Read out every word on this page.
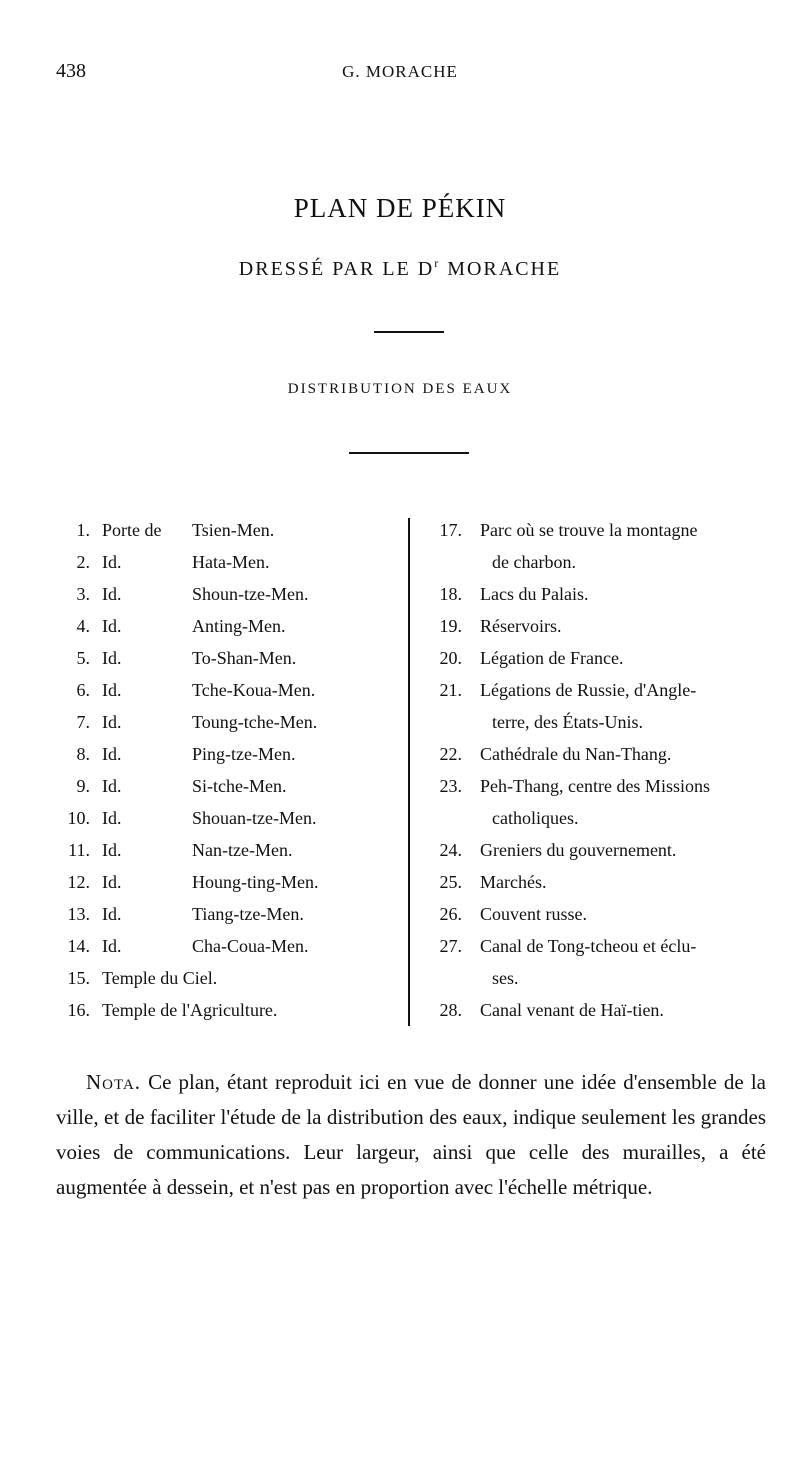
438	G. MORACHE
PLAN DE PÉKIN
DRESSÉ PAR LE $D^r$ MORACHE
DISTRIBUTION DES EAUX
1. Porte de Tsien-Men.
2. Id.	Hata-Men.
3. Id.	Shoun-tze-Men.
4. Id.	Anting-Men.
5. Id.	To-Shan-Men.
6. Id.	Tche-Koua-Men.
7. Id.	Toung-tche-Men.
8. Id.	Ping-tze-Men.
9. Id.	Si-tche-Men.
10. Id.	Shouan-tze-Men.
11. Id.	Nan-tze-Men.
12. Id.	Houng-ting-Men.
13. Id.	Tiang-tze-Men.
14. Id.	Cha-Coua-Men.
15. Temple du Ciel.
16. Temple de l'Agriculture.
17. Parc où se trouve la montagne
de charbon.
18. Lacs du Palais.
19. Réservoirs.
20. Légation de France.
21. Légations de Russie, d'Angle-
terre, des États-Unis.
22. Cathédrale du Nan-Thang.
23. Peh-Thang, centre des Missions
catholiques.
24. Greniers du gouvernement.
25. Marchés.
26. Couvent russe.
27. Canal de Tong-tcheou et éclu-
ses.
28. Canal venant de Haï-tien.
Nota. Ce plan, étant reproduit ici en vue de donner une idée d'ensemble de la ville, et de faciliter l'étude de la distribution des eaux, indique seulement les grandes voies de communications. Leur largeur, ainsi que celle des murailles, a été augmentée à dessein, et n'est pas en proportion avec l'échelle métrique.
